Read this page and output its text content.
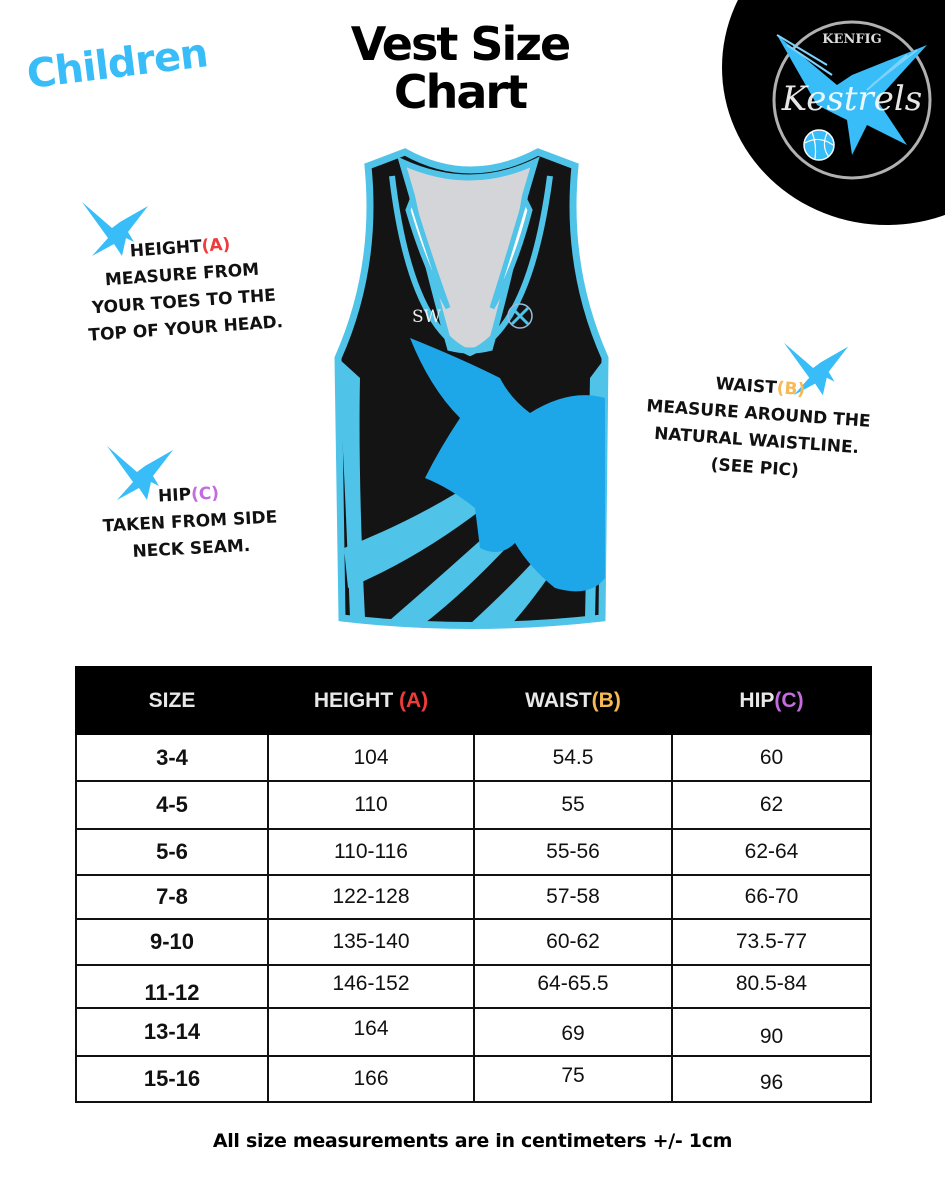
Children	Vest Size
Chart
KENFIG
Kestrels
HEIGHT(A)
MEASURE FROM
YOUR TOES TO THE
TOP OF YOUR HEAD.
WAIST(B)
MEASURE AROUND THE
NATURAL WAISTLINE.
(SEE PIC)
HIP(C)
TAKEN FROM SIDE
NECK SEAM.
SW
SIZE	HEIGHT (A)	WAIST(B)	HIP(C)
3-4	104	54.5	60
4-5	110	55	62
5-6	110-116	55-56	62-64
7-8	122-128	57-58	66-70
9-10	135-140	60-62	73.5-77
11-12	146-152	64-65.5	80.5-84
13-14	164	69	90
15-16	166	75	96
All size measurements are in centimeters +/- 1cm
